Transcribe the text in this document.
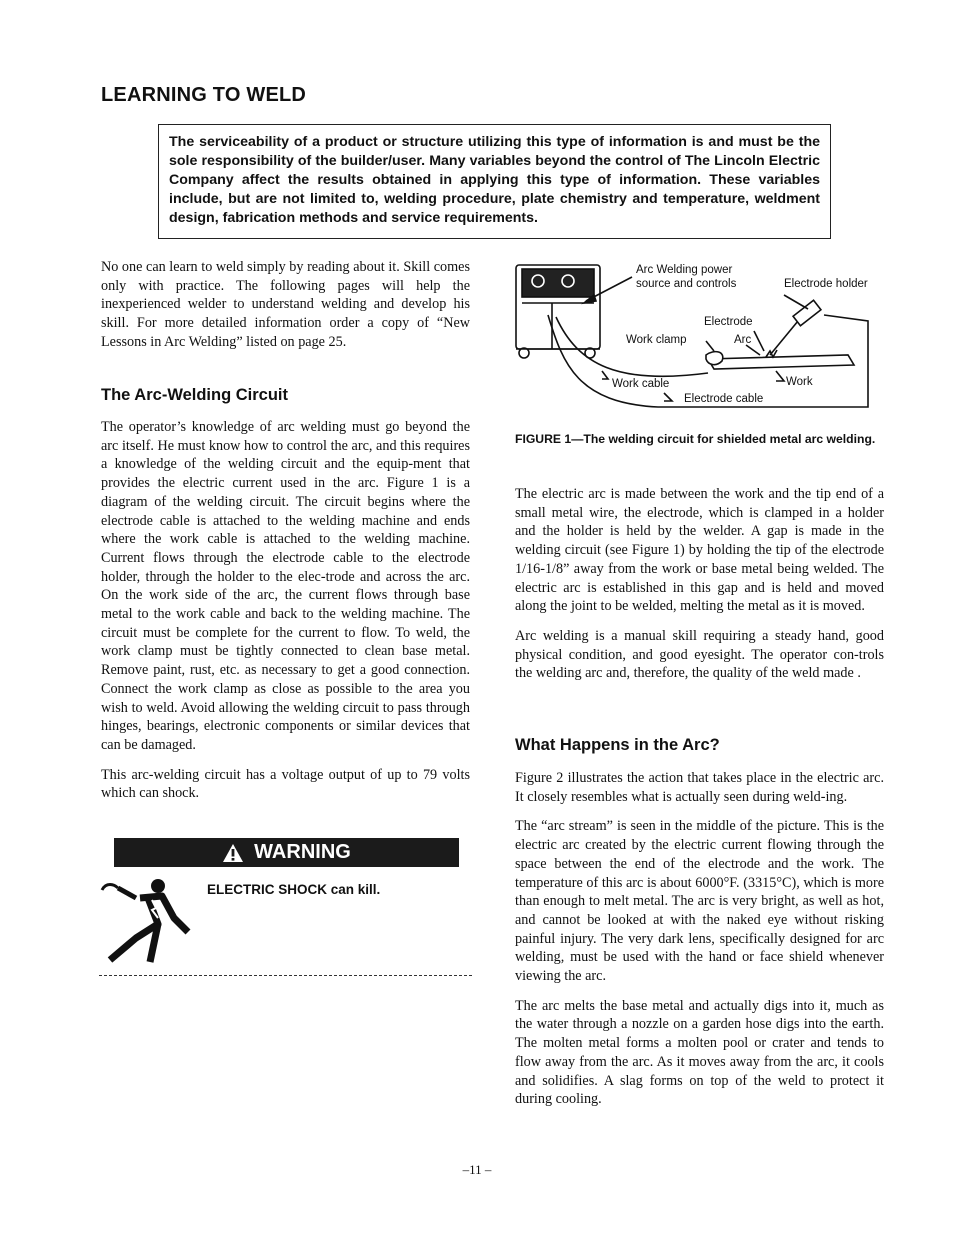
LEARNING TO WELD
The serviceability of a product or structure utilizing this type of information is and must be the sole responsibility of the builder/user. Many variables beyond the control of The Lincoln Electric Company affect the results obtained in applying this type of information. These variables include, but are not limited to, welding procedure, plate chemistry and temperature, weldment design, fabrication methods and service requirements.

No one can learn to weld simply by reading about it. Skill comes only with practice. The following pages will help the inexperienced welder to understand welding and develop his skill. For more detailed information order a copy of “New Lessons in Arc Welding” listed on page 25.

The Arc-Welding Circuit

The operator’s knowledge of arc welding must go beyond the arc itself. He must know how to control the arc, and this requires a knowledge of the welding circuit and the equip-ment that provides the electric current used in the arc. Figure 1 is a diagram of the welding circuit. The circuit begins where the electrode cable is attached to the welding machine and ends where the work cable is attached to the welding machine. Current flows through the electrode cable to the electrode holder, through the holder to the elec-trode and across the arc. On the work side of the arc, the current flows through base metal to the work cable and back to the welding machine. The circuit must be complete for the current to flow. To weld, the work clamp must be tightly connected to clean base metal. Remove paint, rust, etc. as necessary to get a good connection. Connect the work clamp as close as possible to the area you wish to weld. Avoid allowing the welding circuit to pass through hinges, bearings, electronic components or similar devices that can be damaged.

This arc-welding circuit has a voltage output of up to 79 volts which can shock.

WARNING
ELECTRIC SHOCK can kill.
Arc Welding power
source and controls	Electrode holder
Electrode
Work clamp	Arc
Work cable	Work
Electrode cable
FIGURE 1—The welding circuit for shielded metal arc welding.

The electric arc is made between the work and the tip end of a small metal wire, the electrode, which is clamped in a holder and the holder is held by the welder. A gap is made in the welding circuit (see Figure 1) by holding the tip of the electrode 1/16-1/8” away from the work or base metal being welded. The electric arc is established in this gap and is held and moved along the joint to be welded, melting the metal as it is moved.

Arc welding is a manual skill requiring a steady hand, good physical condition, and good eyesight. The operator con-trols the welding arc and, therefore, the quality of the weld made .

What Happens in the Arc?

Figure 2 illustrates the action that takes place in the electric arc. It closely resembles what is actually seen during weld-ing.

The “arc stream” is seen in the middle of the picture. This is the electric arc created by the electric current flowing through the space between the end of the electrode and the work. The temperature of this arc is about 6000°F. (3315°C), which is more than enough to melt metal. The arc is very bright, as well as hot, and cannot be looked at with the naked eye without risking painful injury. The very dark lens, specifically designed for arc welding, must be used with the hand or face shield whenever viewing the arc.

The arc melts the base metal and actually digs into it, much as the water through a nozzle on a garden hose digs into the earth. The molten metal forms a molten pool or crater and tends to flow away from the arc. As it moves away from the arc, it cools and solidifies. A slag forms on top of the weld to protect it during cooling.

–11 –
